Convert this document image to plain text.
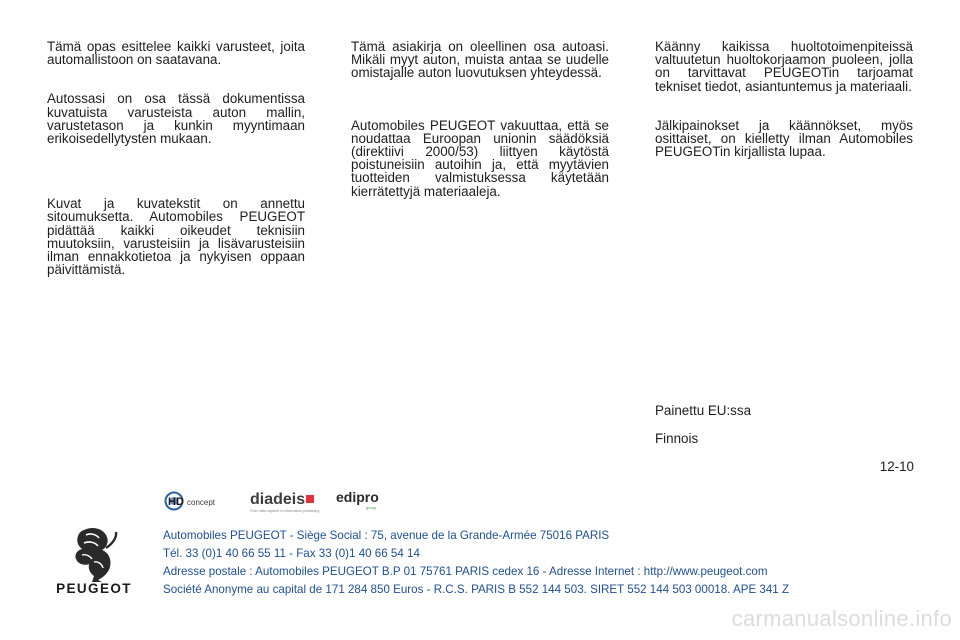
Tämä opas esittelee kaikki varusteet, joita automallistoon on saatavana.

Autossasi on osa tässä dokumentissa kuvatuista varusteista auton mallin, varustetason ja kunkin myyntimaan erikoisedellytysten mukaan.

Kuvat ja kuvatekstit on annettu sitoumuksetta. Automobiles PEUGEOT pidättää kaikki oikeudet teknisiin muutoksiin, varusteisiin ja lisävarusteisiin ilman ennakkotietoa ja nykyisen oppaan päivittämistä.

Tämä asiakirja on oleellinen osa autoasi. Mikäli myyt auton, muista antaa se uudelle omistajalle auton luovutuksen yhteydessä.

Automobiles PEUGEOT vakuuttaa, että se noudattaa Euroopan unionin säädöksiä (direktiivi 2000/53) liittyen käytöstä poistuneisiin autoihin ja, että myytävien tuotteiden valmistuksessa käytetään kierrätettyjä materiaaleja.

Käänny kaikissa huoltotoimenpiteissä valtuutetun huoltokorjaamon puoleen, jolla on tarvittavat PEUGEOTin tarjoamat tekniset tiedot, asiantuntemus ja materiaali.

Jälkipainokset ja käännökset, myös osittaiset, on kielletty ilman Automobiles PEUGEOTin kirjallista lupaa.

Painettu EU:ssa

Finnois

12-10

HD concept diadeis
From data capture to information publishing
edipro
group

PEUGEOT

Automobiles PEUGEOT - Siège Social : 75, avenue de la Grande-Armée 75016 PARIS

Tél. 33 (0)1 40 66 55 11 - Fax 33 (0)1 40 66 54 14

Adresse postale : Automobiles PEUGEOT B.P 01 75761 PARIS cedex 16 - Adresse Internet : http://www.peugeot.com

Société Anonyme au capital de 171 284 850 Euros - R.C.S. PARIS B 552 144 503. SIRET 552 144 503 00018. APE 341 Z

carmanualsonline.info
